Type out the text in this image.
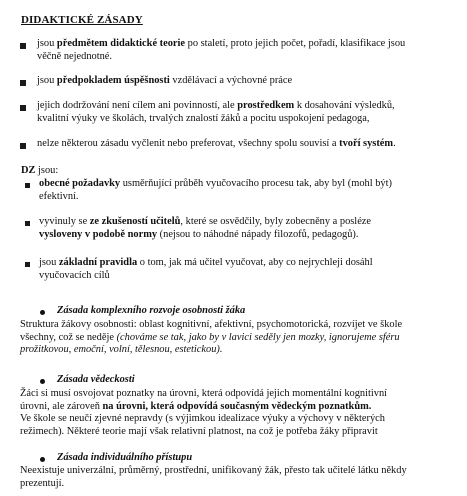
DIDAKTICKÉ ZÁSADY
jsou předmětem didaktické teorie po staletí, proto jejich počet, pořadí, klasifikace jsou
věčně nejednotné.
jsou předpokladem úspěšnosti vzdělávací a výchovné práce
jejich dodržování není cílem ani povinností, ale prostředkem k dosahování výsledků,
kvalitní výuky ve školách, trvalých znalostí žáků a pocitu uspokojení pedagoga,
nelze některou zásadu vyčlenit nebo preferovat, všechny spolu souvisí a tvoří systém.
DZ jsou:
obecné požadavky usměrňující průběh vyučovacího procesu tak, aby byl (mohl být)
efektivní.
vyvinuly se ze zkušeností učitelů, které se osvědčily, byly zobecněny a posléze
vysloveny v podobě normy (nejsou to náhodné nápady filozofů, pedagogů).
jsou základní pravidla o tom, jak má učitel vyučovat, aby co nejrychleji dosáhl
vyučovacích cílů
Zásada komplexního rozvoje osobnosti žáka
Struktura žákovy osobnosti: oblast kognitivní, afektivní, psychomotorická, rozvíjet ve škole
všechny, což se neděje (chováme se tak, jako by v lavici seděly jen mozky, ignorujeme sféru
prožitkovou, emoční, volní, tělesnou, estetickou).
Zásada vědeckosti
Žáci si musí osvojovat poznatky na úrovni, která odpovídá jejich momentální kognitivní
úrovni, ale zároveň na úrovni, která odpovídá současným vědeckým poznatkům.
Ve škole se neučí zjevné nepravdy (s výjimkou idealizace výuky a výchovy v některých
režimech). Některé teorie mají však relativní platnost, na což je potřeba žáky připravit
Zásada individuálního přístupu
Neexistuje univerzální, průměrný, prostřední, unifikovaný žák, přesto tak učitelé látku někdy
prezentují.
